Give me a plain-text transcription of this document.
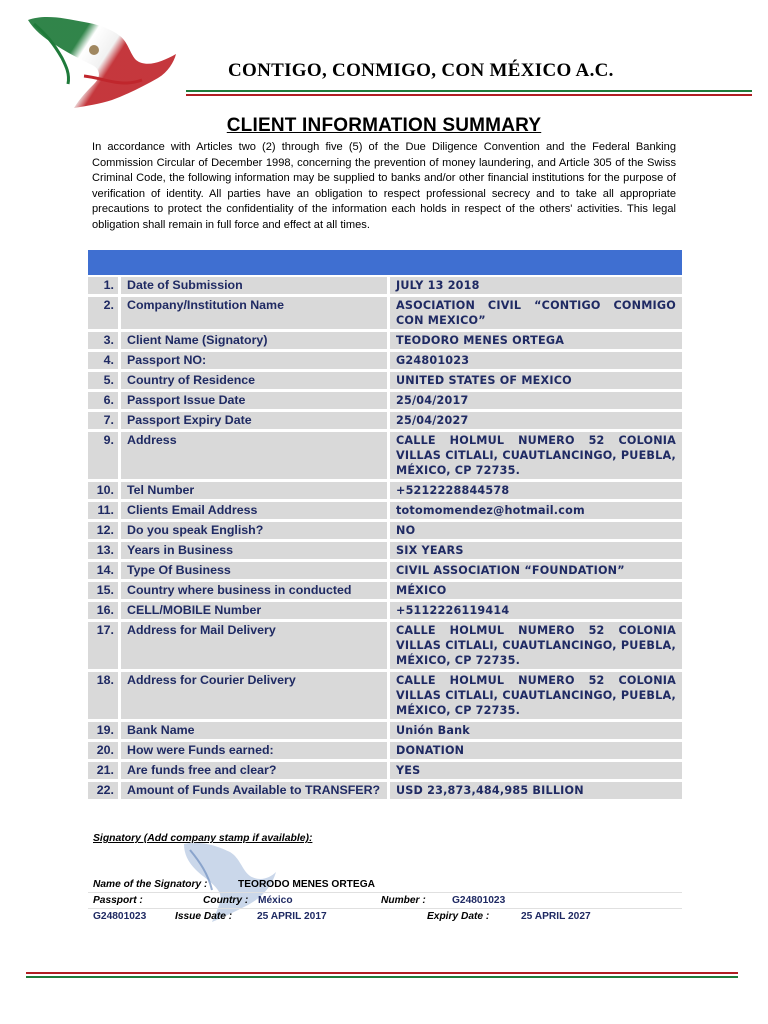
CONTIGO, CONMIGO, CON MÉXICO A.C.
CLIENT INFORMATION SUMMARY
In accordance with Articles two (2) through five (5) of the Due Diligence Convention and the Federal Banking Commission Circular of December 1998, concerning the prevention of money laundering, and Article 305 of the Swiss Criminal Code, the following information may be supplied to banks and/or other financial institutions for the purpose of verification of identity. All parties have an obligation to respect professional secrecy and to take all appropriate precautions to protect the confidentiality of the information each holds in respect of the others' activities. This legal obligation shall remain in full force and effect at all times.
1.	Date of Submission	JULY 13 2018
2.	Company/Institution Name	ASOCIATION CIVIL “CONTIGO CONMIGO CON MEXICO”
3.	Client Name (Signatory)	TEODORO MENES ORTEGA
4.	Passport NO:	G24801023
5.	Country of Residence	UNITED STATES OF MEXICO
6.	Passport Issue Date	25/04/2017
7.	Passport Expiry Date	25/04/2027
9.	Address	CALLE HOLMUL NUMERO 52 COLONIA VILLAS CITLALI, CUAUTLANCINGO, PUEBLA, MÉXICO, CP 72735.
10.	Tel Number	+5212228844578
11.	Clients Email Address	totomomendez@hotmail.com
12.	Do you speak English?	NO
13.	Years in Business	SIX YEARS
14.	Type Of Business	CIVIL ASSOCIATION “FOUNDATION”
15.	Country where business in conducted	MÉXICO
16.	CELL/MOBILE Number	+5112226119414
17.	Address for Mail Delivery	CALLE HOLMUL NUMERO 52 COLONIA VILLAS CITLALI, CUAUTLANCINGO, PUEBLA, MÉXICO, CP 72735.
18.	Address for Courier Delivery	CALLE HOLMUL NUMERO 52 COLONIA VILLAS CITLALI, CUAUTLANCINGO, PUEBLA, MÉXICO, CP 72735.
19.	Bank Name	Unión Bank
20.	How were Funds earned:	DONATION
21.	Are funds free and clear?	YES
22.	Amount of Funds Available to TRANSFER?	USD 23,873,484,985 BILLION
Signatory (Add company stamp if available):
Name of the Signatory :	TEORODO MENES ORTEGA
Passport :	Country : México	Number :	G24801023
G24801023	Issue Date : 25 APRIL 2017	Expiry Date :	25 APRIL 2027
